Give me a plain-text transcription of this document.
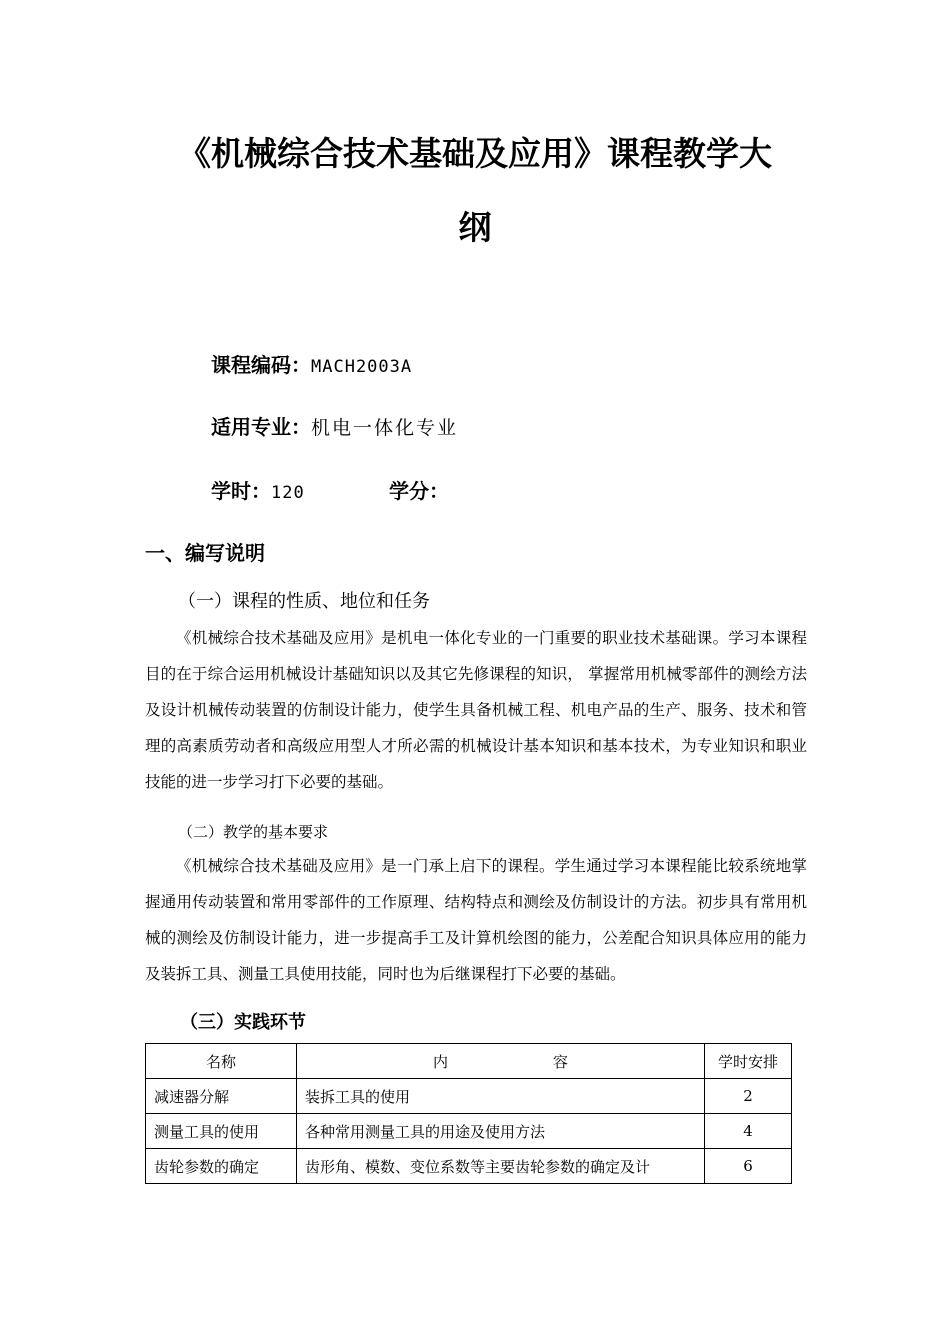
《机械综合技术基础及应用》课程教学大
纲
课程编码：MACH2003A
适用专业：机电一体化专业
学时：120	学分：
一、编写说明
（一）课程的性质、地位和任务
《机械综合技术基础及应用》是机电一体化专业的一门重要的职业技术基础课。学习本课程目的在于综合运用机械设计基础知识以及其它先修课程的知识， 掌握常用机械零部件的测绘方法及设计机械传动装置的仿制设计能力，使学生具备机械工程、机电产品的生产、服务、技术和管理的高素质劳动者和高级应用型人才所必需的机械设计基本知识和基本技术，为专业知识和职业技能的进一步学习打下必要的基础。
（二）教学的基本要求
《机械综合技术基础及应用》是一门承上启下的课程。学生通过学习本课程能比较系统地掌握通用传动装置和常用零部件的工作原理、结构特点和测绘及仿制设计的方法。初步具有常用机械的测绘及仿制设计能力，进一步提高手工及计算机绘图的能力，公差配合知识具体应用的能力及装拆工具、测量工具使用技能，同时也为后继课程打下必要的基础。
（三）实践环节
名称	内 容	学时安排
减速器分解	装拆工具的使用	2
测量工具的使用	各种常用测量工具的用途及使用方法	4
齿轮参数的确定	齿形角、模数、变位系数等主要齿轮参数的确定及计	6
